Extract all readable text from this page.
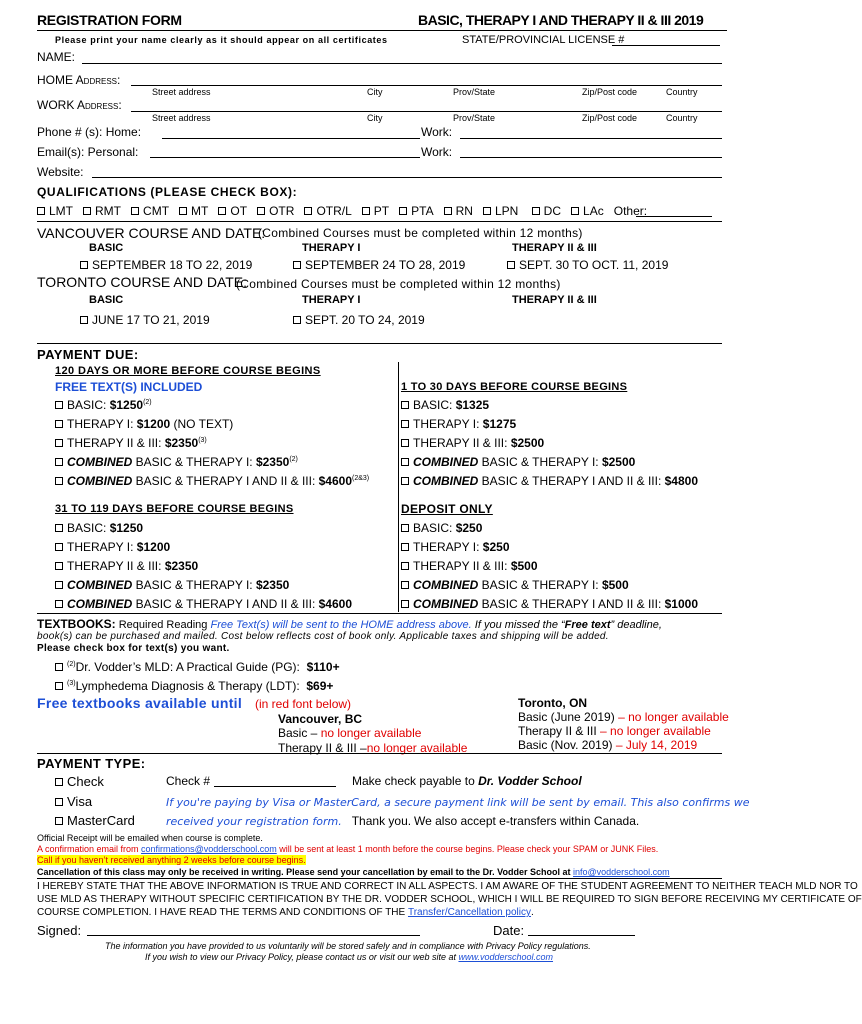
REGISTRATION FORM	BASIC, THERAPY I AND THERAPY II & III 2019
Please print your name clearly as it should appear on all certificates	STATE/PROVINCIAL LICENSE #
NAME:
HOME Address:
Street address	City	Prov/State	Zip/Post code	Country
WORK Address:
Street address	City	Prov/State	Zip/Post code	Country
Phone # (s): Home:	Work:
Email(s): Personal:	Work:
Website:
QUALIFICATIONS (PLEASE CHECK BOX):
LMT RMT CMT MT OT OTR OTR/L PT PTA RN LPN DC LAc Other:
VANCOUVER COURSE AND DATE:
(Combined Courses must be completed within 12 months)
BASIC	THERAPY I	THERAPY II & III
SEPTEMBER 18 TO 22, 2019	SEPTEMBER 24 TO 28, 2019	SEPT. 30 TO OCT. 11, 2019
TORONTO COURSE AND DATE:
(Combined Courses must be completed within 12 months)
BASIC	THERAPY I	THERAPY II & III
JUNE 17 TO 21, 2019	SEPT. 20 TO 24, 2019
PAYMENT DUE:
120 DAYS OR MORE BEFORE COURSE BEGINS
FREE TEXT(S) INCLUDED
BASIC: $1250$^{(2)}$
THERAPY I: $1200 (NO TEXT)
THERAPY II & III: $2350$^{(3)}$
COMBINED BASIC & THERAPY I: $2350$^{(2)}$
COMBINED BASIC & THERAPY I AND II & III: $\$4600^{(2\&3)}$
1 TO 30 DAYS BEFORE COURSE BEGINS
BASIC: $1325
THERAPY I: $1275
THERAPY II & III: $2500
COMBINED BASIC & THERAPY I: $2500
COMBINED BASIC & THERAPY I AND II & III: $4800
31 TO 119 DAYS BEFORE COURSE BEGINS
BASIC: $1250
THERAPY I: $1200
THERAPY II & III: $2350
COMBINED BASIC & THERAPY I: $2350
COMBINED BASIC & THERAPY I AND II & III: $4600
DEPOSIT ONLY
BASIC: $250
THERAPY I: $250
THERAPY II & III: $500
COMBINED BASIC & THERAPY I: $500
COMBINED BASIC & THERAPY I AND II & III: $1000
TEXTBOOKS: Required Reading Free Text(s) will be sent to the HOME address above. If you missed the “Free text” deadline,
book(s) can be purchased and mailed. Cost below reflects cost of book only. Applicable taxes and shipping will be added.
Please check box for text(s) you want.
$^{(2)}$Dr. Vodder’s MLD: A Practical Guide (PG): $110+
$^{(3)}$Lymphedema Diagnosis & Therapy (LDT): $69+
Free textbooks available until (in red font below)
Vancouver, BC
Basic – no longer available
Therapy II & III –no longer available
Toronto, ON
Basic (June 2019) – no longer available
Therapy II & III – no longer available
Basic (Nov. 2019) – July 14, 2019
PAYMENT TYPE:
Check
Visa
MasterCard
Check #	Make check payable to Dr. Vodder School
If you're paying by Visa or MasterCard, a secure payment link will be sent by email. This also confirms we
received your registration form. Thank you. We also accept e-transfers within Canada.
Official Receipt will be emailed when course is complete.
A confirmation email from confirmations@vodderschool.com will be sent at least 1 month before the course begins. Please check your SPAM or JUNK Files.
Call if you haven’t received anything 2 weeks before course begins.
Cancellation of this class may only be received in writing. Please send your cancellation by email to the Dr. Vodder School at info@vodderschool.com
I HEREBY STATE THAT THE ABOVE INFORMATION IS TRUE AND CORRECT IN ALL ASPECTS. I AM AWARE OF THE STUDENT AGREEMENT TO NEITHER TEACH MLD NOR TO
USE MLD AS THERAPY WITHOUT SPECIFIC CERTIFICATION BY THE DR. VODDER SCHOOL, WHICH I WILL BE REQUIRED TO SIGN BEFORE RECEIVING MY CERTIFICATE OF
COURSE COMPLETION. I HAVE READ THE TERMS AND CONDITIONS OF THE Transfer/Cancellation policy.
Signed:	Date:
The information you have provided to us voluntarily will be stored safely and in compliance with Privacy Policy regulations.
If you wish to view our Privacy Policy, please contact us or visit our web site at www.vodderschool.com
